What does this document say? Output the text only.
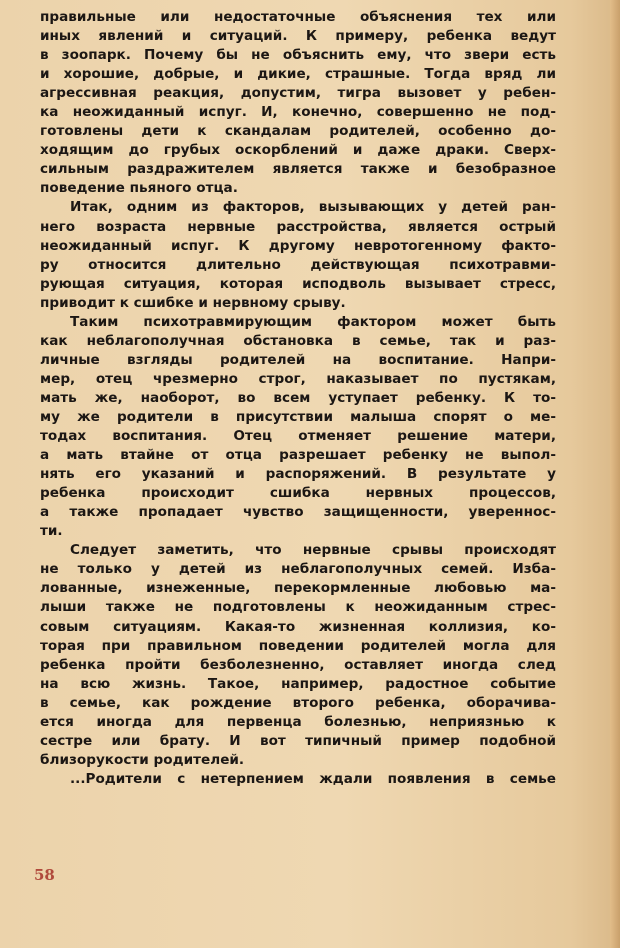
правильные или недостаточные объяснения тех или
иных явлений и ситуаций. К примеру, ребенка ведут
в зоопарк. Почему бы не объяснить ему, что звери есть
и хорошие, добрые, и дикие, страшные. Тогда вряд ли
агрессивная реакция, допустим, тигра вызовет у ребен-
ка неожиданный испуг. И, конечно, совершенно не под-
готовлены дети к скандалам родителей, особенно до-
ходящим до грубых оскорблений и даже драки. Сверх-
сильным раздражителем является также и безобразное
поведение пьяного отца.
Итак, одним из факторов, вызывающих у детей ран-
него возраста нервные расстройства, является острый
неожиданный испуг. К другому невротогенному факто-
ру относится длительно действующая психотравми-
рующая ситуация, которая исподволь вызывает стресс,
приводит к сшибке и нервному срыву.
Таким психотравмирующим фактором может быть
как неблагополучная обстановка в семье, так и раз-
личные взгляды родителей на воспитание. Напри-
мер, отец чрезмерно строг, наказывает по пустякам,
мать же, наоборот, во всем уступает ребенку. К то-
му же родители в присутствии малыша спорят о ме-
тодах воспитания. Отец отменяет решение матери,
а мать втайне от отца разрешает ребенку не выпол-
нять его указаний и распоряжений. В результате у
ребенка происходит сшибка нервных процессов,
а также пропадает чувство защищенности, увереннос-
ти.
Следует заметить, что нервные срывы происходят
не только у детей из неблагополучных семей. Изба-
лованные, изнеженные, перекормленные любовью ма-
лыши также не подготовлены к неожиданным стрес-
совым ситуациям. Какая-то жизненная коллизия, ко-
торая при правильном поведении родителей могла для
ребенка пройти безболезненно, оставляет иногда след
на всю жизнь. Такое, например, радостное событие
в семье, как рождение второго ребенка, оборачива-
ется иногда для первенца болезнью, неприязнью к
сестре или брату. И вот типичный пример подобной
близорукости родителей.
...Родители с нетерпением ждали появления в семье
58
